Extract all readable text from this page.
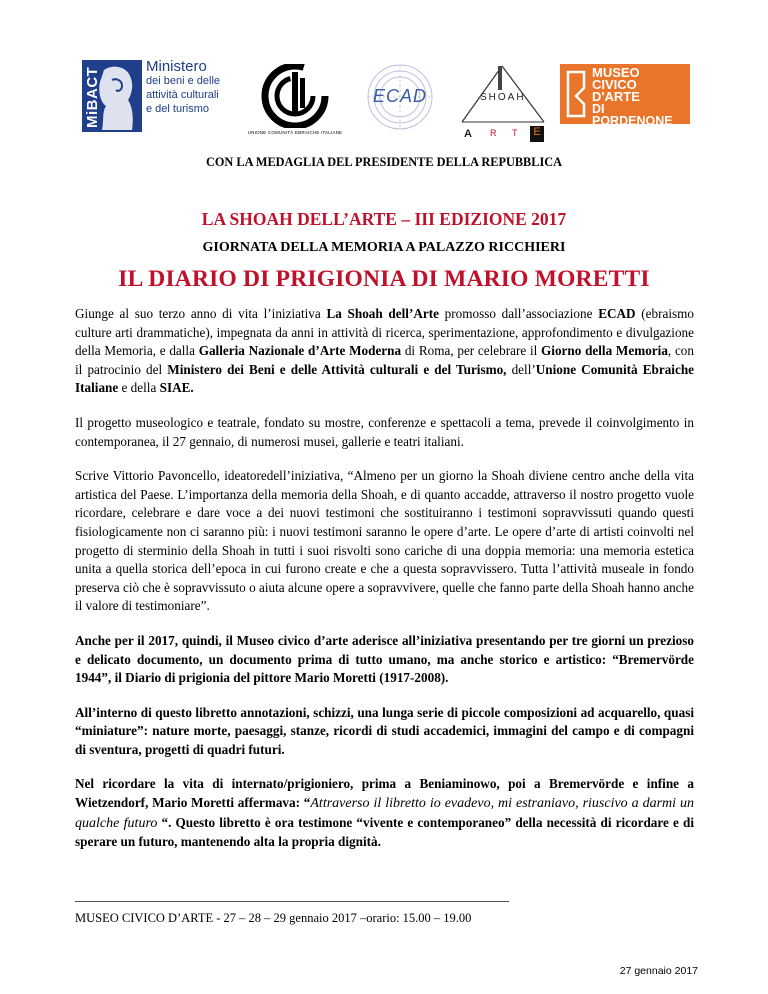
MiBACT
Ministero
dei beni e delle
attività culturali
e del turismo
UNIONE COMUNITÀ EBRAICHE ITALIANE
ECAD	SHOAH
A R T	E
MUSEO
CIVICO
D'ARTE
DI PORDENONE
CON LA MEDAGLIA DEL PRESIDENTE DELLA REPUBBLICA
LA SHOAH DELL’ARTE – III EDIZIONE 2017
GIORNATA DELLA MEMORIA A PALAZZO RICCHIERI
IL DIARIO DI PRIGIONIA DI MARIO MORETTI

Giunge al suo terzo anno di vita l’iniziativa La Shoah dell’Arte promosso dall’associazione ECAD (ebraismo culture arti drammatiche), impegnata da anni in attività di ricerca, sperimentazione, approfondimento e divulgazione della Memoria, e dalla Galleria Nazionale d’Arte Moderna di Roma, per celebrare il Giorno della Memoria, con il patrocinio del Ministero dei Beni e delle Attività culturali e del Turismo, dell’Unione Comunità Ebraiche Italiane e della SIAE.

Il progetto museologico e teatrale, fondato su mostre, conferenze e spettacoli a tema, prevede il coinvolgimento in contemporanea, il 27 gennaio, di numerosi musei, gallerie e teatri italiani.

Scrive Vittorio Pavoncello, ideatoredell’iniziativa, “Almeno per un giorno la Shoah diviene centro anche della vita artistica del Paese. L’importanza della memoria della Shoah, e di quanto accadde, attraverso il nostro progetto vuole ricordare, celebrare e dare voce a dei nuovi testimoni che sostituiranno i testimoni sopravvissuti quando questi fisiologicamente non ci saranno più: i nuovi testimoni saranno le opere d’arte. Le opere d’arte di artisti coinvolti nel progetto di sterminio della Shoah in tutti i suoi risvolti sono cariche di una doppia memoria: una memoria estetica unita a quella storica dell’epoca in cui furono create e che a questa sopravvissero. Tutta l’attività museale in fondo preserva ciò che è sopravvissuto o aiuta alcune opere a sopravvivere, quelle che fanno parte della Shoah hanno anche il valore di testimoniare”.

Anche per il 2017, quindi, il Museo civico d’arte aderisce all’iniziativa presentando per tre giorni un prezioso e delicato documento, un documento prima di tutto umano, ma anche storico e artistico: “Bremervörde 1944”, il Diario di prigionia del pittore Mario Moretti (1917-2008).

All’interno di questo libretto annotazioni, schizzi, una lunga serie di piccole composizioni ad acquarello, quasi “miniature”: nature morte, paesaggi, stanze, ricordi di studi accademici, immagini del campo e di compagni di sventura, progetti di quadri futuri.

Nel ricordare la vita di internato/prigioniero, prima a Beniaminowo, poi a Bremervörde e infine a Wietzendorf, Mario Moretti affermava: “Attraverso il libretto io evadevo, mi estraniavo, riuscivo a darmi un qualche futuro “. Questo libretto è ora testimone “vivente e contemporaneo” della necessità di ricordare e di sperare un futuro, mantenendo alta la propria dignità.

MUSEO CIVICO D’ARTE - 27 – 28 – 29 gennaio 2017 –orario: 15.00 – 19.00
27 gennaio 2017
